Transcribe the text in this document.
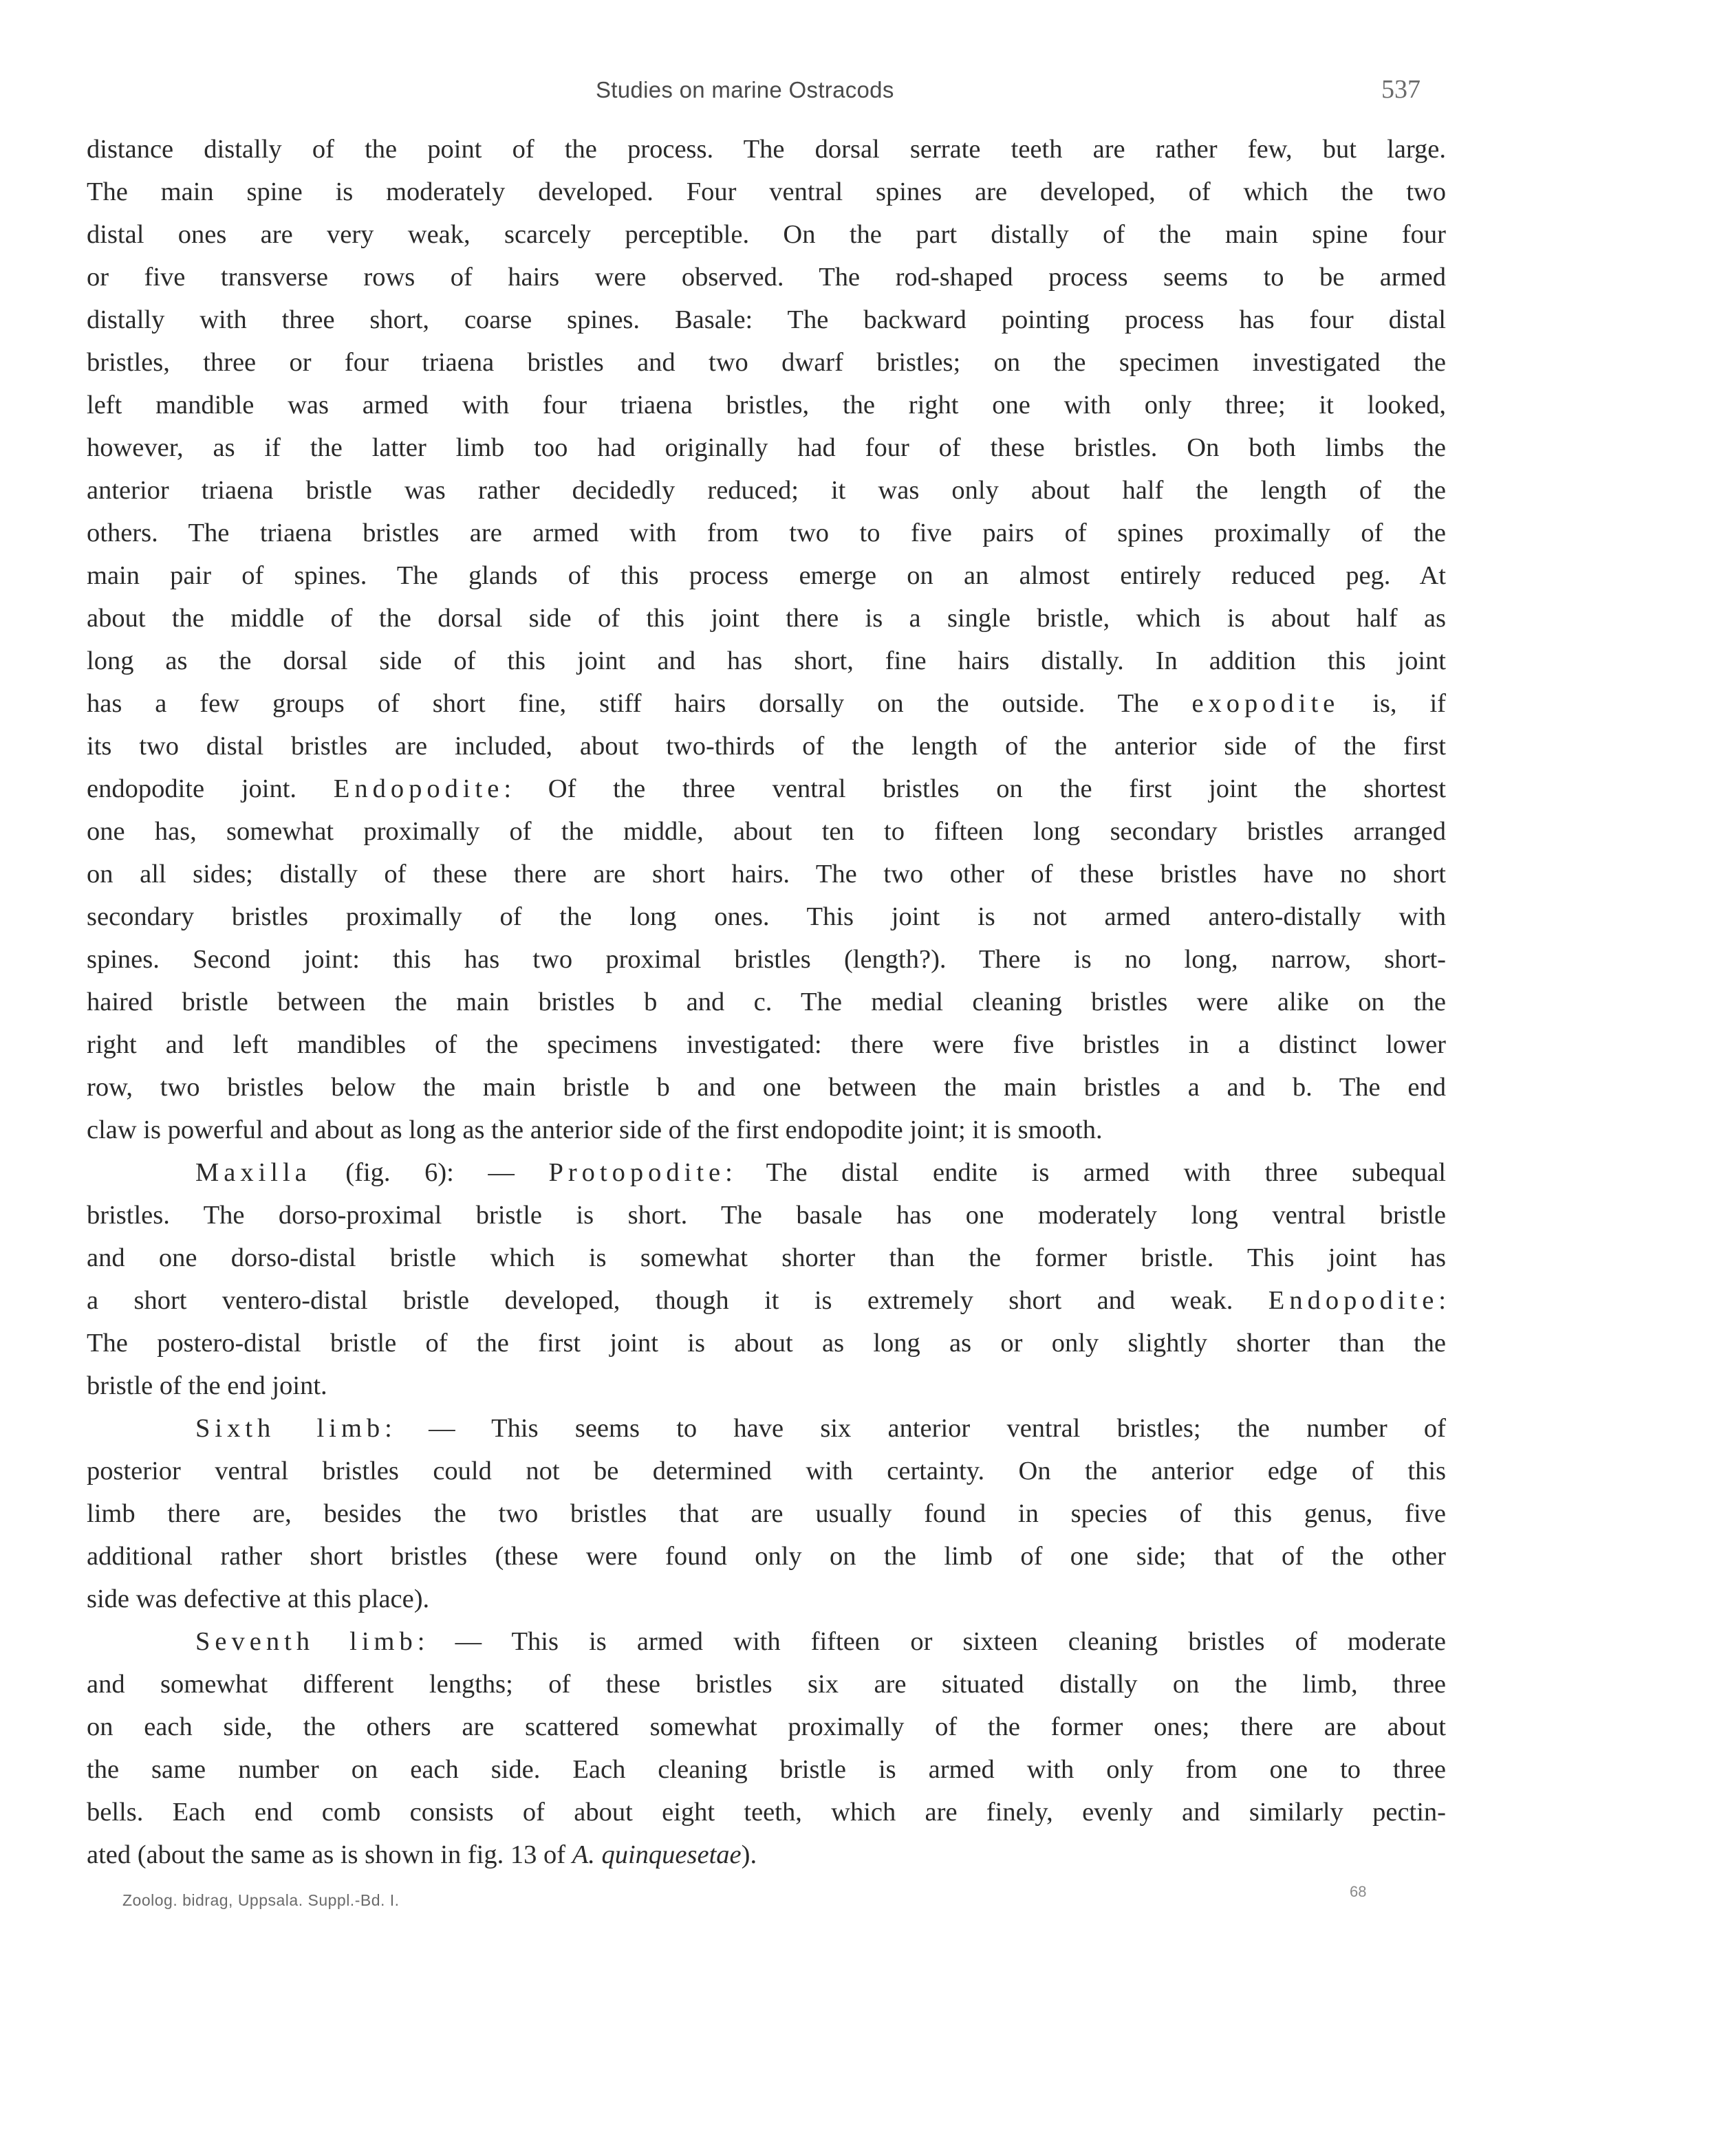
Studies on marine Ostracods	537
distance distally of the point of the process. The dorsal serrate teeth are rather few, but large.
The main spine is moderately developed. Four ventral spines are developed, of which the two
distal ones are very weak, scarcely perceptible. On the part distally of the main spine four
or five transverse rows of hairs were observed. The rod-shaped process seems to be armed
distally with three short, coarse spines. Basale: The backward pointing process has four distal
bristles, three or four triaena bristles and two dwarf bristles; on the specimen investigated the
left mandible was armed with four triaena bristles, the right one with only three; it looked,
however, as if the latter limb too had originally had four of these bristles. On both limbs the
anterior triaena bristle was rather decidedly reduced; it was only about half the length of the
others. The triaena bristles are armed with from two to five pairs of spines proximally of the
main pair of spines. The glands of this process emerge on an almost entirely reduced peg. At
about the middle of the dorsal side of this joint there is a single bristle, which is about half as
long as the dorsal side of this joint and has short, fine hairs distally. In addition this joint
has a few groups of short fine, stiff hairs dorsally on the outside. The exopodite is, if
its two distal bristles are included, about two-thirds of the length of the anterior side of the first
endopodite joint. Endopodite: Of the three ventral bristles on the first joint the shortest
one has, somewhat proximally of the middle, about ten to fifteen long secondary bristles arranged
on all sides; distally of these there are short hairs. The two other of these bristles have no short
secondary bristles proximally of the long ones. This joint is not armed antero-distally with
spines. Second joint: this has two proximal bristles (length?). There is no long, narrow, short-
haired bristle between the main bristles b and c. The medial cleaning bristles were alike on the
right and left mandibles of the specimens investigated: there were five bristles in a distinct lower
row, two bristles below the main bristle b and one between the main bristles a and b. The end
claw is powerful and about as long as the anterior side of the first endopodite joint; it is smooth.
Maxilla (fig. 6): — Protopodite: The distal endite is armed with three subequal
bristles. The dorso-proximal bristle is short. The basale has one moderately long ventral bristle
and one dorso-distal bristle which is somewhat shorter than the former bristle. This joint has
a short ventero-distal bristle developed, though it is extremely short and weak. Endopodite:
The postero-distal bristle of the first joint is about as long as or only slightly shorter than the
bristle of the end joint.
Sixth limb: — This seems to have six anterior ventral bristles; the number of
posterior ventral bristles could not be determined with certainty. On the anterior edge of this
limb there are, besides the two bristles that are usually found in species of this genus, five
additional rather short bristles (these were found only on the limb of one side; that of the other
side was defective at this place).
Seventh limb: — This is armed with fifteen or sixteen cleaning bristles of moderate
and somewhat different lengths; of these bristles six are situated distally on the limb, three
on each side, the others are scattered somewhat proximally of the former ones; there are about
the same number on each side. Each cleaning bristle is armed with only from one to three
bells. Each end comb consists of about eight teeth, which are finely, evenly and similarly pectin-
ated (about the same as is shown in fig. 13 of A. quinquesetae).
Zoolog. bidrag, Uppsala. Suppl.-Bd. I.	68
